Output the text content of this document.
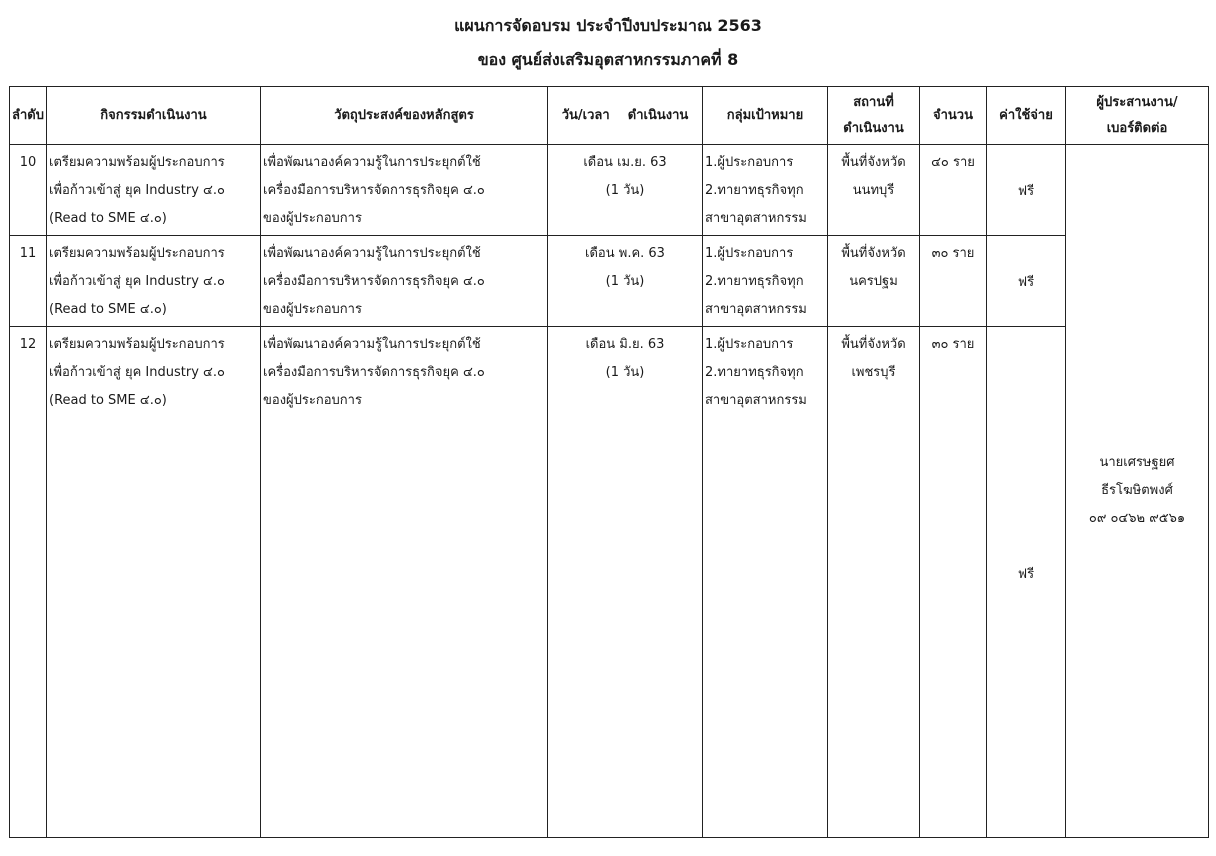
แผนการจัดอบรม ประจำปีงบประมาณ 2563
ของ ศูนย์ส่งเสริมอุตสาหกรรมภาคที่ 8
ลำดับ	กิจกรรมดำเนินงาน	วัตถุประสงค์ของหลักสูตร	วัน/เวลา    ดำเนินงาน	กลุ่มเป้าหมาย	สถานที่
ดำเนินงาน	จำนวน	ค่าใช้จ่าย	ผู้ประสานงาน/
เบอร์ติดต่อ

10	เตรียมความพร้อมผู้ประกอบการ
เพื่อก้าวเข้าสู่ ยุค Industry ๔.๐
(Read to SME ๔.๐)	เพื่อพัฒนาองค์ความรู้ในการประยุกต์ใช้
เครื่องมือการบริหารจัดการธุรกิจยุค ๔.๐
ของผู้ประกอบการ	เดือน เม.ย. 63
(1 วัน)	1.ผู้ประกอบการ
2.ทายาทธุรกิจทุก
สาขาอุตสาหกรรม	พื้นที่จังหวัด
นนทบุรี	๔๐ ราย	ฟรี	นายเศรษฐยศ
ธีรโฆษิตพงศ์
๐๙ ๐๔๖๒ ๙๕๖๑

11	เตรียมความพร้อมผู้ประกอบการ
เพื่อก้าวเข้าสู่ ยุค Industry ๔.๐
(Read to SME ๔.๐)	เพื่อพัฒนาองค์ความรู้ในการประยุกต์ใช้
เครื่องมือการบริหารจัดการธุรกิจยุค ๔.๐
ของผู้ประกอบการ	เดือน พ.ค. 63
(1 วัน)	1.ผู้ประกอบการ
2.ทายาทธุรกิจทุก
สาขาอุตสาหกรรม	พื้นที่จังหวัด
นครปฐม	๓๐ ราย	ฟรี	

12	เตรียมความพร้อมผู้ประกอบการ
เพื่อก้าวเข้าสู่ ยุค Industry ๔.๐
(Read to SME ๔.๐)	เพื่อพัฒนาองค์ความรู้ในการประยุกต์ใช้
เครื่องมือการบริหารจัดการธุรกิจยุค ๔.๐
ของผู้ประกอบการ	เดือน มิ.ย. 63
(1 วัน)	1.ผู้ประกอบการ
2.ทายาทธุรกิจทุก
สาขาอุตสาหกรรม	พื้นที่จังหวัด
เพชรบุรี	๓๐ ราย	ฟรี	
